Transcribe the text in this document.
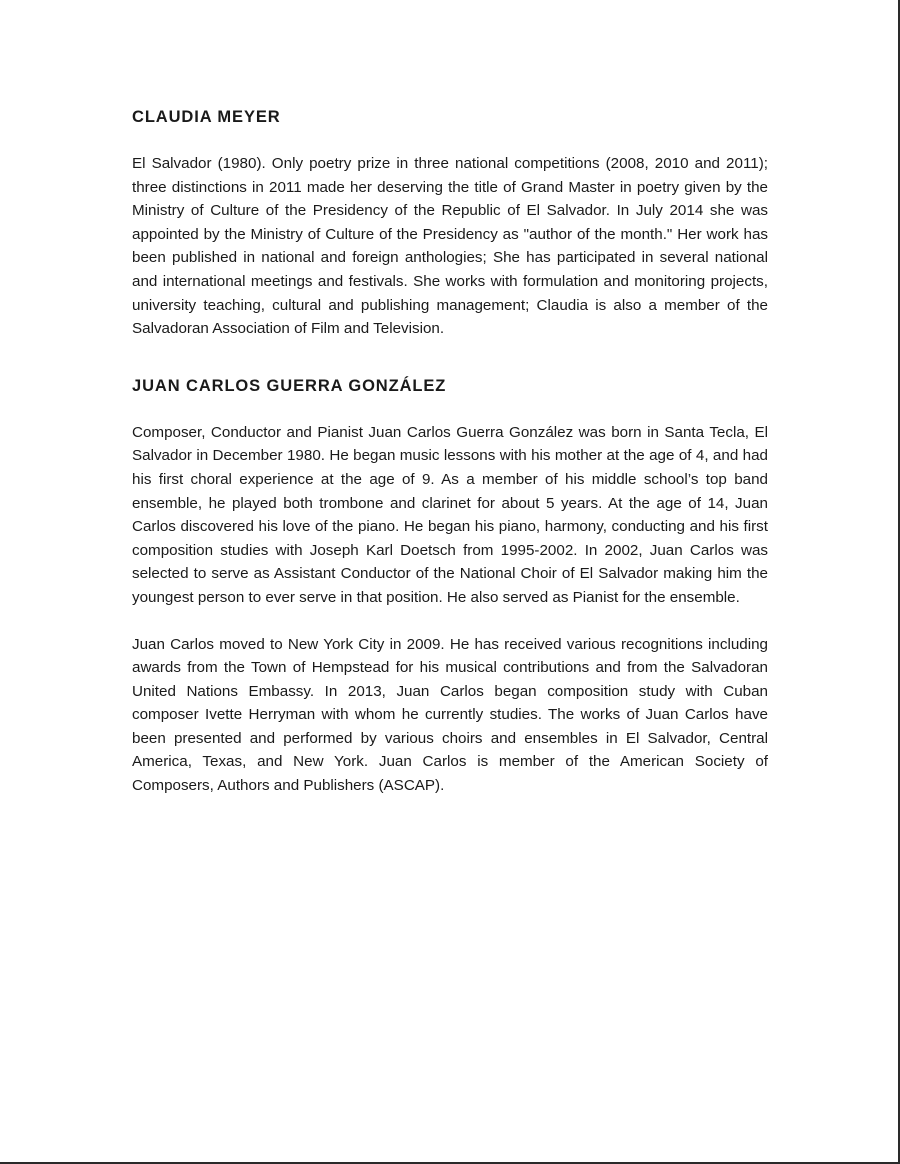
CLAUDIA MEYER

El Salvador (1980). Only poetry prize in three national competitions (2008, 2010 and 2011); three distinctions in 2011 made her deserving the title of Grand Master in poetry given by the Ministry of Culture of the Presidency of the Republic of El Salvador. In July 2014 she was appointed by the Ministry of Culture of the Presidency as "author of the month." Her work has been published in national and foreign anthologies; She has participated in several national and international meetings and festivals. She works with formulation and monitoring projects, university teaching, cultural and publishing management; Claudia is also a member of the Salvadoran Association of Film and Television.

JUAN CARLOS GUERRA GONZÁLEZ

Composer, Conductor and Pianist Juan Carlos Guerra González was born in Santa Tecla, El Salvador in December 1980. He began music lessons with his mother at the age of 4, and had his first choral experience at the age of 9. As a member of his middle school’s top band ensemble, he played both trombone and clarinet for about 5 years. At the age of 14, Juan Carlos discovered his love of the piano. He began his piano, harmony, conducting and his first composition studies with Joseph Karl Doetsch from 1995-2002. In 2002, Juan Carlos was selected to serve as Assistant Conductor of the National Choir of El Salvador making him the youngest person to ever serve in that position. He also served as Pianist for the ensemble.

Juan Carlos moved to New York City in 2009. He has received various recognitions including awards from the Town of Hempstead for his musical contributions and from the Salvadoran United Nations Embassy. In 2013, Juan Carlos began composition study with Cuban composer Ivette Herryman with whom he currently studies. The works of Juan Carlos have been presented and performed by various choirs and ensembles in El Salvador, Central America, Texas, and New York. Juan Carlos is member of the American Society of Composers, Authors and Publishers (ASCAP).
